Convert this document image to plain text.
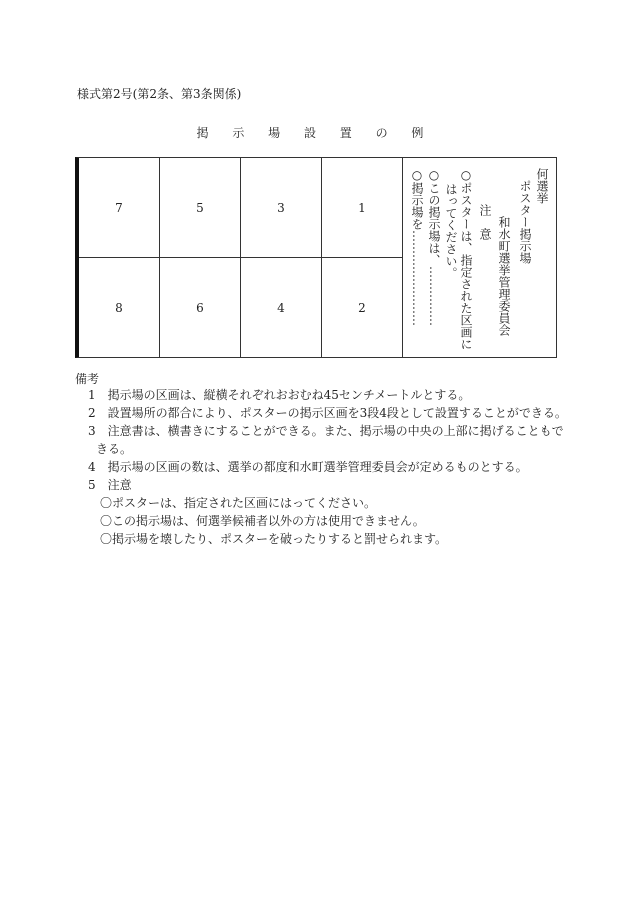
様式第2号(第2条、第3条関係)
掲 示 場 設 置 の 例
7	5	3	1
8	6	4	2
何選挙
ポスター掲示場
和水町選挙管理委員会
注　意
○ポスターは、指定された区画に
はってください。
○この掲示場は、……………
○掲示場を……………………
備考
1　掲示場の区画は、縦横それぞれおおむね45センチメートルとする。
2　設置場所の都合により、ポスターの掲示区画を3段4段として設置することができる。
3　注意書は、横書きにすることができる。また、掲示場の中央の上部に掲げることもで
きる。
4　掲示場の区画の数は、選挙の都度和水町選挙管理委員会が定めるものとする。
5　注意
〇ポスターは、指定された区画にはってください。
〇この掲示場は、何選挙候補者以外の方は使用できません。
〇掲示場を壊したり、ポスターを破ったりすると罰せられます。
